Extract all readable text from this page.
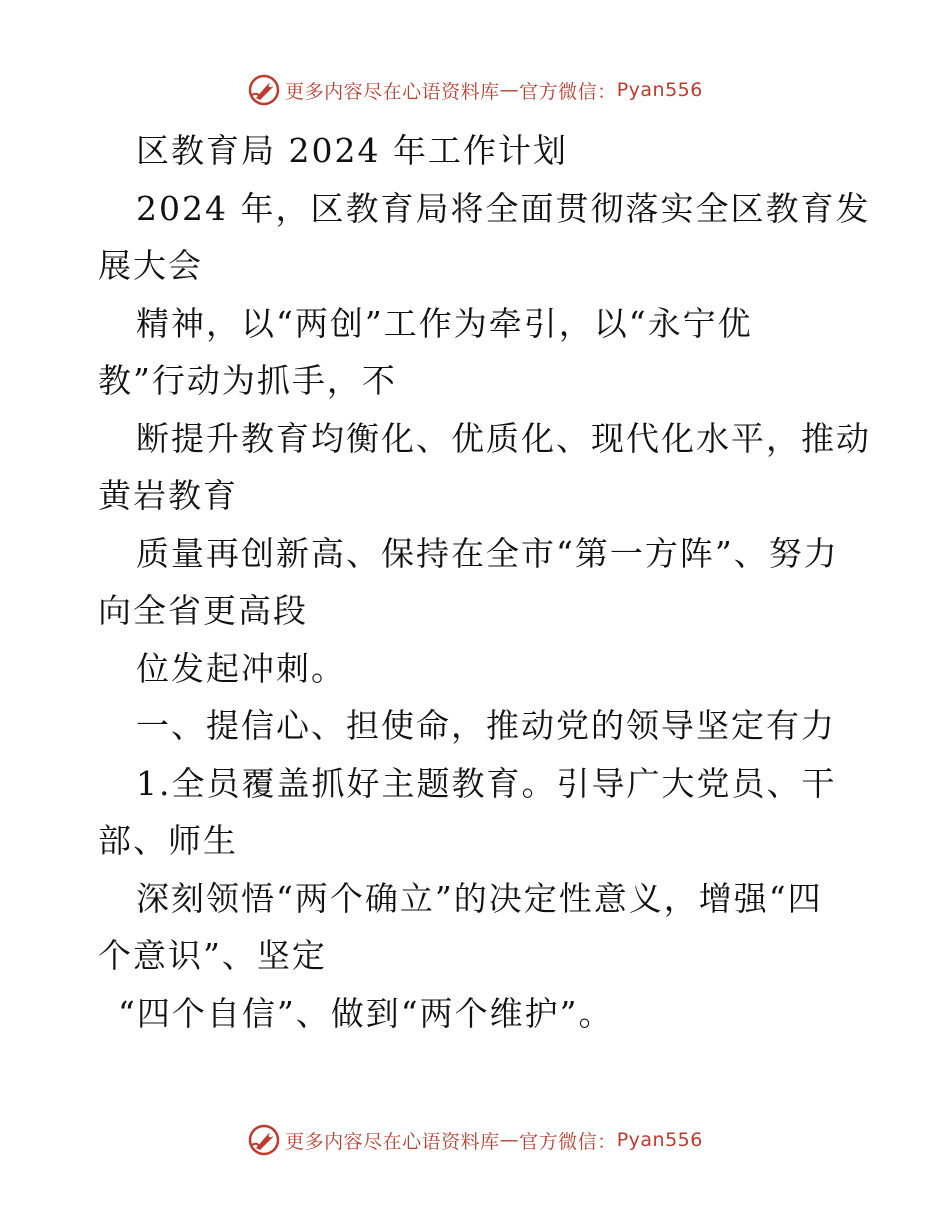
更多内容尽在心语资料库 — 官方微信： Pyan556
区教育局 2024 年工作计划
2024 年，区教育局将全面贯彻落实全区教育发
展大会
精神，以“两创”工作为牵引，以“永宁优
教”行动为抓手，不
断提升教育均衡化、优质化、现代化水平，推动
黄岩教育
质量再创新高、保持在全市“第一方阵”、努力
向全省更高段
位发起冲刺。
一、提信心、担使命，推动党的领导坚定有力
1.全员覆盖抓好主题教育。引导广大党员、干
部、师生
深刻领悟“两个确立”的决定性意义，增强“四
个意识”、坚定
“四个自信”、做到“两个维护”。
更多内容尽在心语资料库 — 官方微信： Pyan556
